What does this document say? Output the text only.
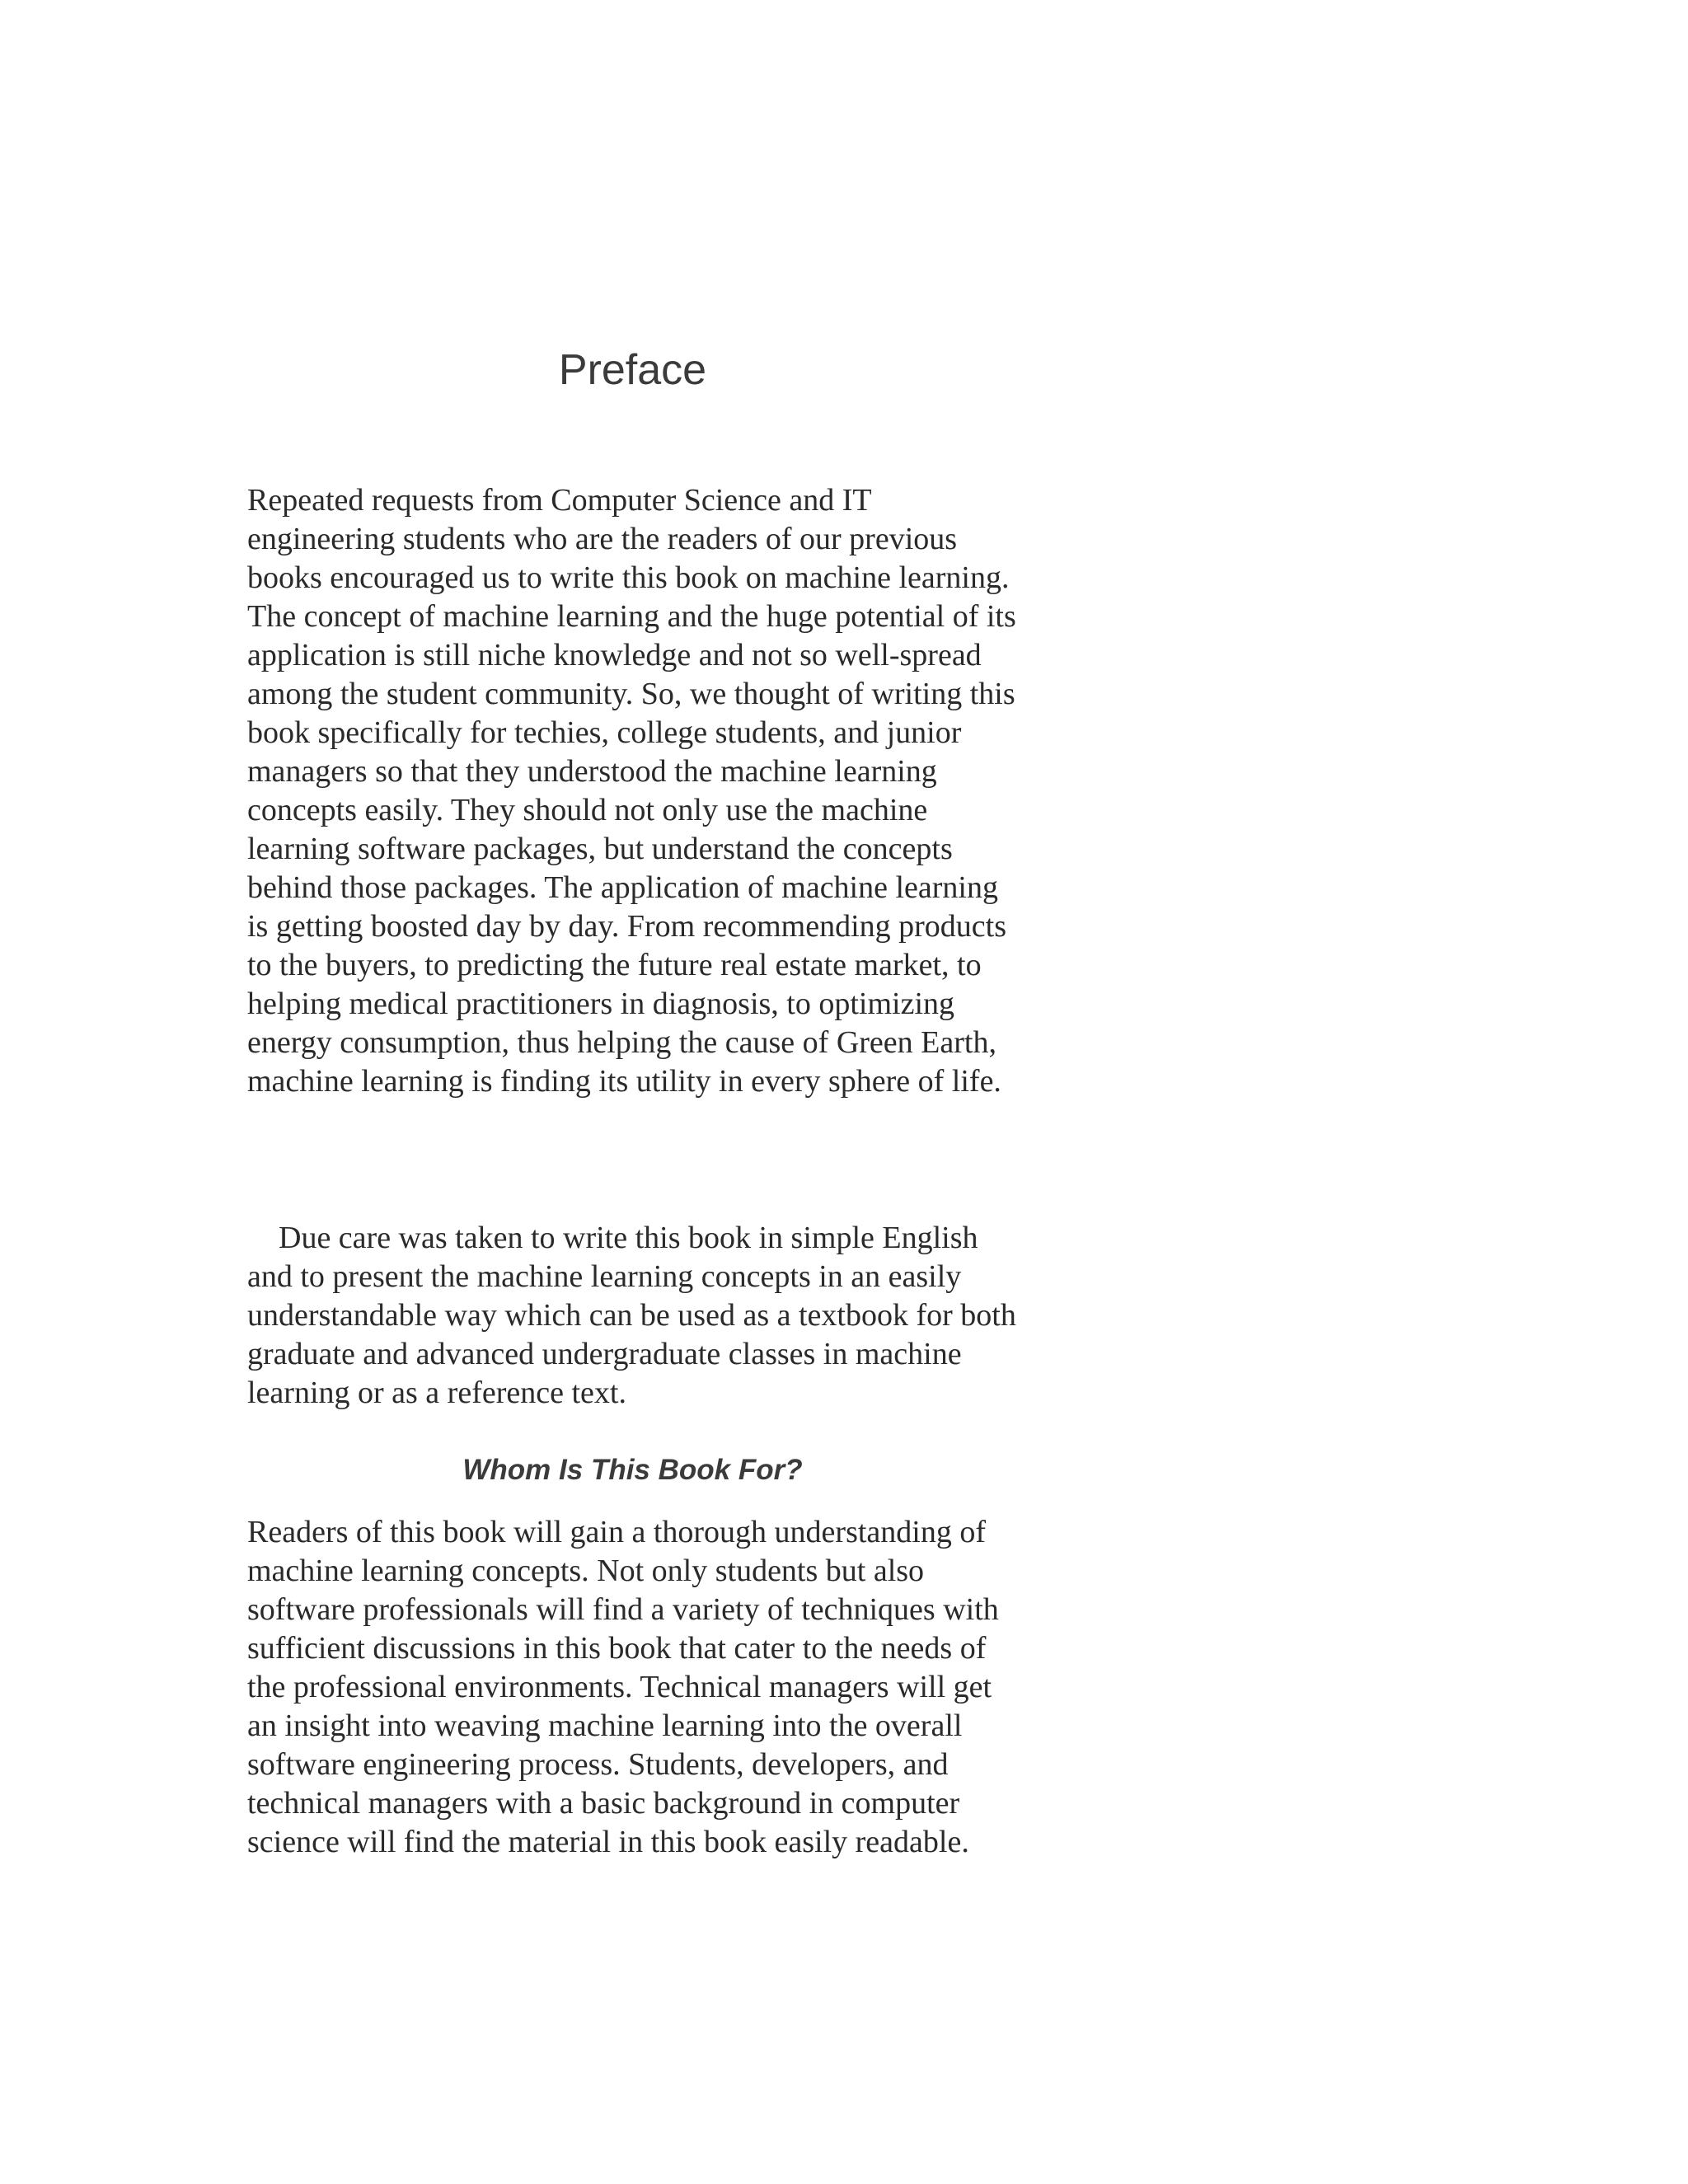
Preface

Repeated requests from Computer Science and IT engineering students who are the readers of our previous books encouraged us to write this book on machine learning. The concept of machine learning and the huge potential of its application is still niche knowledge and not so well-spread among the student community. So, we thought of writing this book specifically for techies, college students, and junior managers so that they understood the machine learning concepts easily. They should not only use the machine learning software packages, but understand the concepts behind those packages. The application of machine learning is getting boosted day by day. From recommending products to the buyers, to predicting the future real estate market, to helping medical practitioners in diagnosis, to optimizing energy consumption, thus helping the cause of Green Earth, machine learning is finding its utility in every sphere of life.

Due care was taken to write this book in simple English and to present the machine learning concepts in an easily understandable way which can be used as a textbook for both graduate and advanced undergraduate classes in machine learning or as a reference text.

Whom Is This Book For?

Readers of this book will gain a thorough understanding of machine learning concepts. Not only students but also software professionals will find a variety of techniques with sufficient discussions in this book that cater to the needs of the professional environments. Technical managers will get an insight into weaving machine learning into the overall software engineering process. Students, developers, and technical managers with a basic background in computer science will find the material in this book easily readable.
